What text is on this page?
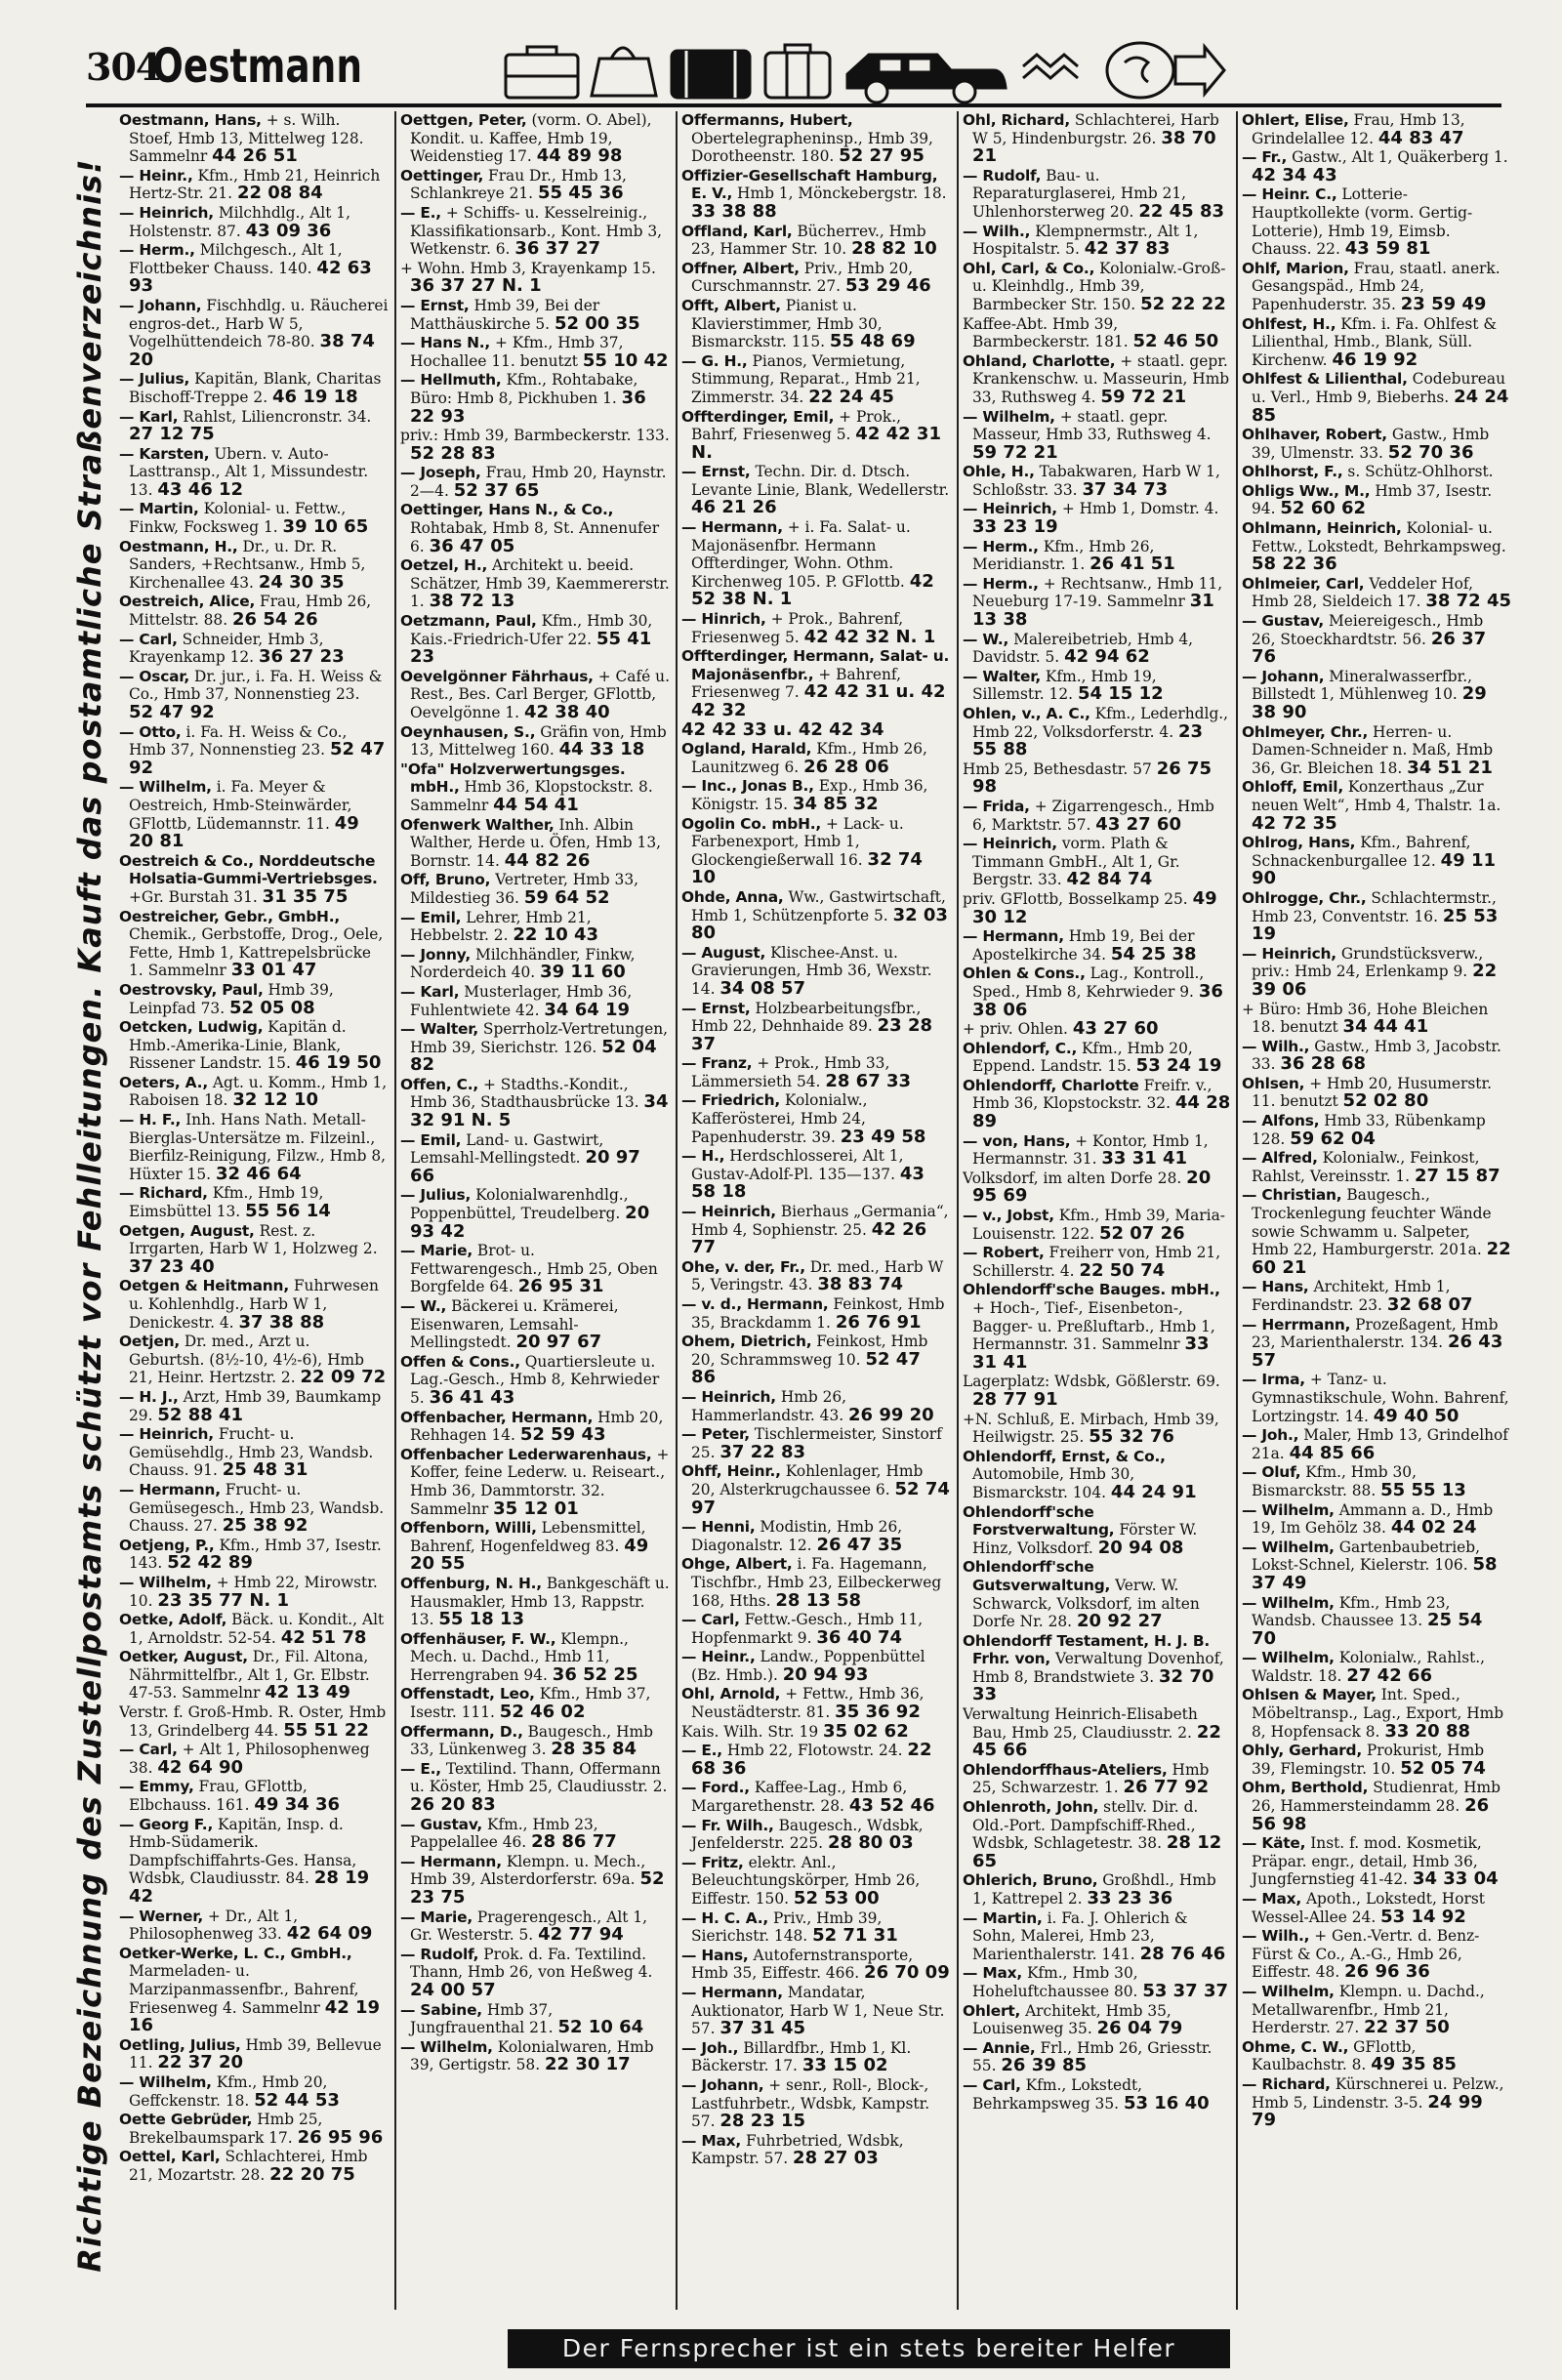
304
Oestmann
Richtige Bezeichnung des Zustellpostamts schützt vor Fehlleitungen. Kauft das postamtliche Straßenverzeichnis!
Oestmann, Hans, + s. Wilh. Stoef, Hmb 13, Mittelweg 128. Sammelnr 44 26 51
— Heinr., Kfm., Hmb 21, Heinrich Hertz-Str. 21. 22 08 84
— Heinrich, Milchhdlg., Alt 1, Holstenstr. 87. 43 09 36
— Herm., Milchgesch., Alt 1, Flottbeker Chauss. 140. 42 63 93
— Johann, Fischhdlg. u. Räucherei engros-det., Harb W 5, Vogelhüttendeich 78-80. 38 74 20
— Julius, Kapitän, Blank, Charitas Bischoff-Treppe 2. 46 19 18
— Karl, Rahlst, Liliencronstr. 34. 27 12 75
— Karsten, Ubern. v. Auto-Lasttransp., Alt 1, Missundestr. 13. 43 46 12
— Martin, Kolonial- u. Fettw., Finkw, Focksweg 1. 39 10 65
Oestmann, H., Dr., u. Dr. R. Sanders, +Rechtsanw., Hmb 5, Kirchenallee 43. 24 30 35
Oestreich, Alice, Frau, Hmb 26, Mittelstr. 88. 26 54 26
— Carl, Schneider, Hmb 3, Krayenkamp 12. 36 27 23
— Oscar, Dr. jur., i. Fa. H. Weiss & Co., Hmb 37, Nonnenstieg 23. 52 47 92
— Otto, i. Fa. H. Weiss & Co., Hmb 37, Nonnenstieg 23. 52 47 92
— Wilhelm, i. Fa. Meyer & Oestreich, Hmb-Steinwärder, GFlottb, Lüdemannstr. 11. 49 20 81
Oestreich & Co., Norddeutsche Holsatia-Gummi-Vertriebsges. +Gr. Burstah 31. 31 35 75
Oestreicher, Gebr., GmbH., Chemik., Gerbstoffe, Drog., Oele, Fette, Hmb 1, Kattrepelsbrücke 1. Sammelnr 33 01 47
Oestrovsky, Paul, Hmb 39, Leinpfad 73. 52 05 08
Oetcken, Ludwig, Kapitän d. Hmb.-Amerika-Linie, Blank, Rissener Landstr. 15. 46 19 50
Oeters, A., Agt. u. Komm., Hmb 1, Raboisen 18. 32 12 10
— H. F., Inh. Hans Nath. Metall-Bierglas-Untersätze m. Filzeinl., Bierfilz-Reinigung, Filzw., Hmb 8, Hüxter 15. 32 46 64
— Richard, Kfm., Hmb 19, Eimsbüttel 13. 55 56 14
Oetgen, August, Rest. z. Irrgarten, Harb W 1, Holzweg 2. 37 23 40
Oetgen & Heitmann, Fuhrwesen u. Kohlenhdlg., Harb W 1, Denickestr. 4. 37 38 88
Oetjen, Dr. med., Arzt u. Geburtsh. (8½-10, 4½-6), Hmb 21, Heinr. Hertzstr. 2. 22 09 72
— H. J., Arzt, Hmb 39, Baumkamp 29. 52 88 41
— Heinrich, Frucht- u. Gemüsehdlg., Hmb 23, Wandsb. Chauss. 91. 25 48 31
— Hermann, Frucht- u. Gemüsegesch., Hmb 23, Wandsb. Chauss. 27. 25 38 92
Oetjeng, P., Kfm., Hmb 37, Isestr. 143. 52 42 89
— Wilhelm, + Hmb 22, Mirowstr. 10. 23 35 77 N. 1
Oetke, Adolf, Bäck. u. Kondit., Alt 1, Arnoldstr. 52-54. 42 51 78
Oetker, August, Dr., Fil. Altona, Nährmittelfbr., Alt 1, Gr. Elbstr. 47-53. Sammelnr 42 13 49
Verstr. f. Groß-Hmb. R. Oster, Hmb 13, Grindelberg 44. 55 51 22
— Carl, + Alt 1, Philosophenweg 38. 42 64 90
— Emmy, Frau, GFlottb, Elbchauss. 161. 49 34 36
— Georg F., Kapitän, Insp. d. Hmb-Südamerik. Dampfschiffahrts-Ges. Hansa, Wdsbk, Claudiusstr. 84. 28 19 42
— Werner, + Dr., Alt 1, Philosophenweg 33. 42 64 09
Oetker-Werke, L. C., GmbH., Marmeladen- u. Marzipanmassenfbr., Bahrenf, Friesenweg 4. Sammelnr 42 19 16
Oetling, Julius, Hmb 39, Bellevue 11. 22 37 20
— Wilhelm, Kfm., Hmb 20, Geffckenstr. 18. 52 44 53
Oette Gebrüder, Hmb 25, Brekelbaumspark 17. 26 95 96
Oettel, Karl, Schlachterei, Hmb 21, Mozartstr. 28. 22 20 75
Oettgen, Peter, (vorm. O. Abel), Kondit. u. Kaffee, Hmb 19, Weidenstieg 17. 44 89 98
Oettinger, Frau Dr., Hmb 13, Schlankreye 21. 55 45 36
— E., + Schiffs- u. Kesselreinig., Klassifikationsarb., Kont. Hmb 3, Wetkenstr. 6. 36 37 27
+ Wohn. Hmb 3, Krayenkamp 15. 36 37 27 N. 1
— Ernst, Hmb 39, Bei der Matthäuskirche 5. 52 00 35
— Hans N., + Kfm., Hmb 37, Hochallee 11. benutzt 55 10 42
— Hellmuth, Kfm., Rohtabake, Büro: Hmb 8, Pickhuben 1. 36 22 93
priv.: Hmb 39, Barmbeckerstr. 133. 52 28 83
— Joseph, Frau, Hmb 20, Haynstr. 2—4. 52 37 65
Oettinger, Hans N., & Co., Rohtabak, Hmb 8, St. Annenufer 6. 36 47 05
Oetzel, H., Architekt u. beeid. Schätzer, Hmb 39, Kaemmererstr. 1. 38 72 13
Oetzmann, Paul, Kfm., Hmb 30, Kais.-Friedrich-Ufer 22. 55 41 23
Oevelgönner Fährhaus, + Café u. Rest., Bes. Carl Berger, GFlottb, Oevelgönne 1. 42 38 40
Oeynhausen, S., Gräfin von, Hmb 13, Mittelweg 160. 44 33 18
"Ofa" Holzverwertungsges. mbH., Hmb 36, Klopstockstr. 8. Sammelnr 44 54 41
Ofenwerk Walther, Inh. Albin Walther, Herde u. Öfen, Hmb 13, Bornstr. 14. 44 82 26
Off, Bruno, Vertreter, Hmb 33, Mildestieg 36. 59 64 52
— Emil, Lehrer, Hmb 21, Hebbelstr. 2. 22 10 43
— Jonny, Milchhändler, Finkw, Norderdeich 40. 39 11 60
— Karl, Musterlager, Hmb 36, Fuhlentwiete 42. 34 64 19
— Walter, Sperrholz-Vertretungen, Hmb 39, Sierichstr. 126. 52 04 82
Offen, C., + Stadths.-Kondit., Hmb 36, Stadthausbrücke 13. 34 32 91 N. 5
— Emil, Land- u. Gastwirt, Lemsahl-Mellingstedt. 20 97 66
— Julius, Kolonialwarenhdlg., Poppenbüttel, Treudelberg. 20 93 42
— Marie, Brot- u. Fettwarengesch., Hmb 25, Oben Borgfelde 64. 26 95 31
— W., Bäckerei u. Krämerei, Eisenwaren, Lemsahl-Mellingstedt. 20 97 67
Offen & Cons., Quartiersleute u. Lag.-Gesch., Hmb 8, Kehrwieder 5. 36 41 43
Offenbacher, Hermann, Hmb 20, Rehhagen 14. 52 59 43
Offenbacher Lederwarenhaus, + Koffer, feine Lederw. u. Reiseart., Hmb 36, Dammtorstr. 32. Sammelnr 35 12 01
Offenborn, Willi, Lebensmittel, Bahrenf, Hogenfeldweg 83. 49 20 55
Offenburg, N. H., Bankgeschäft u. Hausmakler, Hmb 13, Rappstr. 13. 55 18 13
Offenhäuser, F. W., Klempn., Mech. u. Dachd., Hmb 11, Herrengraben 94. 36 52 25
Offenstadt, Leo, Kfm., Hmb 37, Isestr. 111. 52 46 02
Offermann, D., Baugesch., Hmb 33, Lünkenweg 3. 28 35 84
— E., Textilind. Thann, Offermann u. Köster, Hmb 25, Claudiusstr. 2. 26 20 83
— Gustav, Kfm., Hmb 23, Pappelallee 46. 28 86 77
— Hermann, Klempn. u. Mech., Hmb 39, Alsterdorferstr. 69a. 52 23 75
— Marie, Pragerengesch., Alt 1, Gr. Westerstr. 5. 42 77 94
— Rudolf, Prok. d. Fa. Textilind. Thann, Hmb 26, von Heßweg 4. 24 00 57
— Sabine, Hmb 37, Jungfrauenthal 21. 52 10 64
— Wilhelm, Kolonialwaren, Hmb 39, Gertigstr. 58. 22 30 17
Offermanns, Hubert, Obertelegrapheninsp., Hmb 39, Dorotheenstr. 180. 52 27 95
Offizier-Gesellschaft Hamburg, E. V., Hmb 1, Mönckebergstr. 18. 33 38 88
Offland, Karl, Bücherrev., Hmb 23, Hammer Str. 10. 28 82 10
Offner, Albert, Priv., Hmb 20, Curschmannstr. 27. 53 29 46
Offt, Albert, Pianist u. Klavierstimmer, Hmb 30, Bismarckstr. 115. 55 48 69
— G. H., Pianos, Vermietung, Stimmung, Reparat., Hmb 21, Zimmerstr. 34. 22 24 45
Offterdinger, Emil, + Prok., Bahrf, Friesenweg 5. 42 42 31 N.
— Ernst, Techn. Dir. d. Dtsch. Levante Linie, Blank, Wedellerstr. 46 21 26
— Hermann, + i. Fa. Salat- u. Majonäsenfbr. Hermann Offterdinger, Wohn. Othm. Kirchenweg 105. P. GFlottb. 42 52 38 N. 1
— Hinrich, + Prok., Bahrenf, Friesenweg 5. 42 42 32 N. 1
Offterdinger, Hermann, Salat- u. Majonäsenfbr., + Bahrenf, Friesenweg 7. 42 42 31 u. 42 42 32
42 42 33 u. 42 42 34
Ogland, Harald, Kfm., Hmb 26, Launitzweg 6. 26 28 06
— Inc., Jonas B., Exp., Hmb 36, Königstr. 15. 34 85 32
Ogolin Co. mbH., + Lack- u. Farbenexport, Hmb 1, Glockengießerwall 16. 32 74 10
Ohde, Anna, Ww., Gastwirtschaft, Hmb 1, Schützenpforte 5. 32 03 80
— August, Klischee-Anst. u. Gravierungen, Hmb 36, Wexstr. 14. 34 08 57
— Ernst, Holzbearbeitungsfbr., Hmb 22, Dehnhaide 89. 23 28 37
— Franz, + Prok., Hmb 33, Lämmersieth 54. 28 67 33
— Friedrich, Kolonialw., Kafferösterei, Hmb 24, Papenhuderstr. 39. 23 49 58
— H., Herdschlosserei, Alt 1, Gustav-Adolf-Pl. 135—137. 43 58 18
— Heinrich, Bierhaus „Germania“, Hmb 4, Sophienstr. 25. 42 26 77
Ohe, v. der, Fr., Dr. med., Harb W 5, Veringstr. 43. 38 83 74
— v. d., Hermann, Feinkost, Hmb 35, Brackdamm 1. 26 76 91
Ohem, Dietrich, Feinkost, Hmb 20, Schrammsweg 10. 52 47 86
— Heinrich, Hmb 26, Hammerlandstr. 43. 26 99 20
— Peter, Tischlermeister, Sinstorf 25. 37 22 83
Ohff, Heinr., Kohlenlager, Hmb 20, Alsterkrugchaussee 6. 52 74 97
— Henni, Modistin, Hmb 26, Diagonalstr. 12. 26 47 35
Ohge, Albert, i. Fa. Hagemann, Tischfbr., Hmb 23, Eilbeckerweg 168, Hths. 28 13 58
— Carl, Fettw.-Gesch., Hmb 11, Hopfenmarkt 9. 36 40 74
— Heinr., Landw., Poppenbüttel (Bz. Hmb.). 20 94 93
Ohl, Arnold, + Fettw., Hmb 36, Neustädterstr. 81. 35 36 92
Kais. Wilh. Str. 19 35 02 62
— E., Hmb 22, Flotowstr. 24. 22 68 36
— Ford., Kaffee-Lag., Hmb 6, Margarethenstr. 28. 43 52 46
— Fr. Wilh., Baugesch., Wdsbk, Jenfelderstr. 225. 28 80 03
— Fritz, elektr. Anl., Beleuchtungskörper, Hmb 26, Eiffestr. 150. 52 53 00
— H. C. A., Priv., Hmb 39, Sierichstr. 148. 52 71 31
— Hans, Autofernstransporte, Hmb 35, Eiffestr. 466. 26 70 09
— Hermann, Mandatar, Auktionator, Harb W 1, Neue Str. 57. 37 31 45
— Joh., Billardfbr., Hmb 1, Kl. Bäckerstr. 17. 33 15 02
— Johann, + senr., Roll-, Block-, Lastfuhrbetr., Wdsbk, Kampstr. 57. 28 23 15
— Max, Fuhrbetried, Wdsbk, Kampstr. 57. 28 27 03
Ohl, Richard, Schlachterei, Harb W 5, Hindenburgstr. 26. 38 70 21
— Rudolf, Bau- u. Reparaturglaserei, Hmb 21, Uhlenhorsterweg 20. 22 45 83
— Wilh., Klempnermstr., Alt 1, Hospitalstr. 5. 42 37 83
Ohl, Carl, & Co., Kolonialw.-Groß- u. Kleinhdlg., Hmb 39, Barmbecker Str. 150. 52 22 22
Kaffee-Abt. Hmb 39, Barmbeckerstr. 181. 52 46 50
Ohland, Charlotte, + staatl. gepr. Krankenschw. u. Masseurin, Hmb 33, Ruthsweg 4. 59 72 21
— Wilhelm, + staatl. gepr. Masseur, Hmb 33, Ruthsweg 4. 59 72 21
Ohle, H., Tabakwaren, Harb W 1, Schloßstr. 33. 37 34 73
— Heinrich, + Hmb 1, Domstr. 4. 33 23 19
— Herm., Kfm., Hmb 26, Meridianstr. 1. 26 41 51
— Herm., + Rechtsanw., Hmb 11, Neueburg 17-19. Sammelnr 31 13 38
— W., Malereibetrieb, Hmb 4, Davidstr. 5. 42 94 62
— Walter, Kfm., Hmb 19, Sillemstr. 12. 54 15 12
Ohlen, v., A. C., Kfm., Lederhdlg., Hmb 22, Volksdorferstr. 4. 23 55 88
Hmb 25, Bethesdastr. 57 26 75 98
— Frida, + Zigarrengesch., Hmb 6, Marktstr. 57. 43 27 60
— Heinrich, vorm. Plath & Timmann GmbH., Alt 1, Gr. Bergstr. 33. 42 84 74
priv. GFlottb, Bosselkamp 25. 49 30 12
— Hermann, Hmb 19, Bei der Apostelkirche 34. 54 25 38
Ohlen & Cons., Lag., Kontroll., Sped., Hmb 8, Kehrwieder 9. 36 38 06
+ priv. Ohlen. 43 27 60
Ohlendorf, C., Kfm., Hmb 20, Eppend. Landstr. 15. 53 24 19
Ohlendorff, Charlotte Freifr. v., Hmb 36, Klopstockstr. 32. 44 28 89
— von, Hans, + Kontor, Hmb 1, Hermannstr. 31. 33 31 41
Volksdorf, im alten Dorfe 28. 20 95 69
— v., Jobst, Kfm., Hmb 39, Maria-Louisenstr. 122. 52 07 26
— Robert, Freiherr von, Hmb 21, Schillerstr. 4. 22 50 74
Ohlendorff'sche Bauges. mbH., + Hoch-, Tief-, Eisenbeton-, Bagger- u. Preßluftarb., Hmb 1, Hermannstr. 31. Sammelnr 33 31 41
Lagerplatz: Wdsbk, Gößlerstr. 69. 28 77 91
+N. Schluß, E. Mirbach, Hmb 39, Heilwigstr. 25. 55 32 76
Ohlendorff, Ernst, & Co., Automobile, Hmb 30, Bismarckstr. 104. 44 24 91
Ohlendorff'sche Forstverwaltung, Förster W. Hinz, Volksdorf. 20 94 08
Ohlendorff'sche Gutsverwaltung, Verw. W. Schwarck, Volksdorf, im alten Dorfe Nr. 28. 20 92 27
Ohlendorff Testament, H. J. B. Frhr. von, Verwaltung Dovenhof, Hmb 8, Brandstwiete 3. 32 70 33
Verwaltung Heinrich-Elisabeth Bau, Hmb 25, Claudiusstr. 2. 22 45 66
Ohlendorffhaus-Ateliers, Hmb 25, Schwarzestr. 1. 26 77 92
Ohlenroth, John, stellv. Dir. d. Old.-Port. Dampfschiff-Rhed., Wdsbk, Schlagetestr. 38. 28 12 65
Ohlerich, Bruno, Großhdl., Hmb 1, Kattrepel 2. 33 23 36
— Martin, i. Fa. J. Ohlerich & Sohn, Malerei, Hmb 23, Marienthalerstr. 141. 28 76 46
— Max, Kfm., Hmb 30, Hoheluftchaussee 80. 53 37 37
Ohlert, Architekt, Hmb 35, Louisenweg 35. 26 04 79
— Annie, Frl., Hmb 26, Griesstr. 55. 26 39 85
— Carl, Kfm., Lokstedt, Behrkampsweg 35. 53 16 40
Ohlert, Elise, Frau, Hmb 13, Grindelallee 12. 44 83 47
— Fr., Gastw., Alt 1, Quäkerberg 1. 42 34 43
— Heinr. C., Lotterie-Hauptkollekte (vorm. Gertig-Lotterie), Hmb 19, Eimsb. Chauss. 22. 43 59 81
Ohlf, Marion, Frau, staatl. anerk. Gesangspäd., Hmb 24, Papenhuderstr. 35. 23 59 49
Ohlfest, H., Kfm. i. Fa. Ohlfest & Lilienthal, Hmb., Blank, Süll. Kirchenw. 46 19 92
Ohlfest & Lilienthal, Codebureau u. Verl., Hmb 9, Bieberhs. 24 24 85
Ohlhaver, Robert, Gastw., Hmb 39, Ulmenstr. 33. 52 70 36
Ohlhorst, F., s. Schütz-Ohlhorst.
Ohligs Ww., M., Hmb 37, Isestr. 94. 52 60 62
Ohlmann, Heinrich, Kolonial- u. Fettw., Lokstedt, Behrkampsweg. 58 22 36
Ohlmeier, Carl, Veddeler Hof, Hmb 28, Sieldeich 17. 38 72 45
— Gustav, Meiereigesch., Hmb 26, Stoeckhardtstr. 56. 26 37 76
— Johann, Mineralwasserfbr., Billstedt 1, Mühlenweg 10. 29 38 90
Ohlmeyer, Chr., Herren- u. Damen-Schneider n. Maß, Hmb 36, Gr. Bleichen 18. 34 51 21
Ohloff, Emil, Konzerthaus „Zur neuen Welt“, Hmb 4, Thalstr. 1a. 42 72 35
Ohlrog, Hans, Kfm., Bahrenf, Schnackenburgallee 12. 49 11 90
Ohlrogge, Chr., Schlachtermstr., Hmb 23, Conventstr. 16. 25 53 19
— Heinrich, Grundstücksverw., priv.: Hmb 24, Erlenkamp 9. 22 39 06
+ Büro: Hmb 36, Hohe Bleichen 18. benutzt 34 44 41
— Wilh., Gastw., Hmb 3, Jacobstr. 33. 36 28 68
Ohlsen, + Hmb 20, Husumerstr. 11. benutzt 52 02 80
— Alfons, Hmb 33, Rübenkamp 128. 59 62 04
— Alfred, Kolonialw., Feinkost, Rahlst, Vereinsstr. 1. 27 15 87
— Christian, Baugesch., Trockenlegung feuchter Wände sowie Schwamm u. Salpeter, Hmb 22, Hamburgerstr. 201a. 22 60 21
— Hans, Architekt, Hmb 1, Ferdinandstr. 23. 32 68 07
— Herrmann, Prozeßagent, Hmb 23, Marienthalerstr. 134. 26 43 57
— Irma, + Tanz- u. Gymnastikschule, Wohn. Bahrenf, Lortzingstr. 14. 49 40 50
— Joh., Maler, Hmb 13, Grindelhof 21a. 44 85 66
— Oluf, Kfm., Hmb 30, Bismarckstr. 88. 55 55 13
— Wilhelm, Ammann a. D., Hmb 19, Im Gehölz 38. 44 02 24
— Wilhelm, Gartenbaubetrieb, Lokst-Schnel, Kielerstr. 106. 58 37 49
— Wilhelm, Kfm., Hmb 23, Wandsb. Chaussee 13. 25 54 70
— Wilhelm, Kolonialw., Rahlst., Waldstr. 18. 27 42 66
Ohlsen & Mayer, Int. Sped., Möbeltransp., Lag., Export, Hmb 8, Hopfensack 8. 33 20 88
Ohly, Gerhard, Prokurist, Hmb 39, Flemingstr. 10. 52 05 74
Ohm, Berthold, Studienrat, Hmb 26, Hammersteindamm 28. 26 56 98
— Käte, Inst. f. mod. Kosmetik, Präpar. engr., detail, Hmb 36, Jungfernstieg 41-42. 34 33 04
— Max, Apoth., Lokstedt, Horst Wessel-Allee 24. 53 14 92
— Wilh., + Gen.-Vertr. d. Benz-Fürst & Co., A.-G., Hmb 26, Eiffestr. 48. 26 96 36
— Wilhelm, Klempn. u. Dachd., Metallwarenfbr., Hmb 21, Herderstr. 27. 22 37 50
Ohme, C. W., GFlottb, Kaulbachstr. 8. 49 35 85
— Richard, Kürschnerei u. Pelzw., Hmb 5, Lindenstr. 3-5. 24 99 79
Der Fernsprecher ist ein stets bereiter Helfer
